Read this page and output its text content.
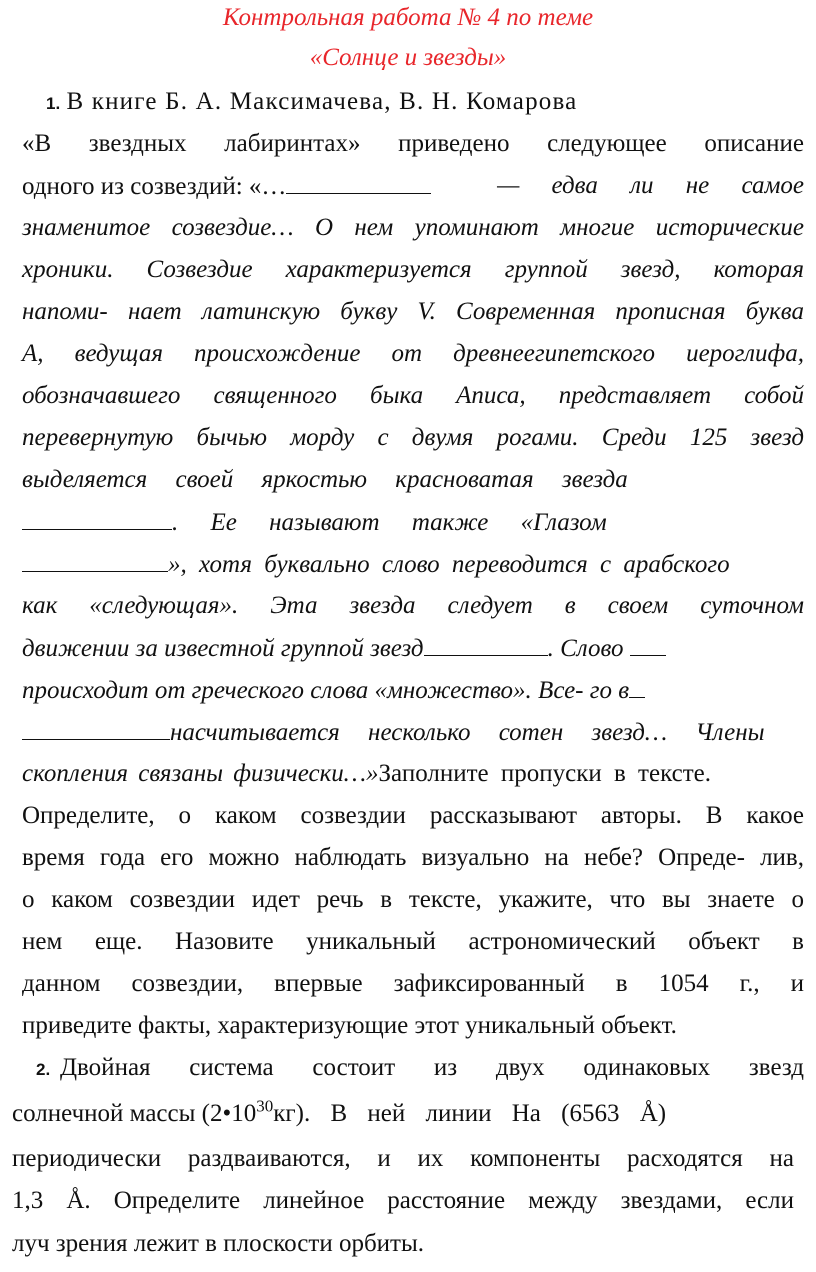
Контрольная работа № 4 по теме
«Солнце и звезды»
1. В книге Б. А. Максимачева, В. Н. Комарова
«В звездных лабиринтах» приведено следующее описание
одного из созвездий: «…	— едва ли не самое
знаменитое созвездие… О нем упоминают многие исторические
хроники. Созвездие характеризуется группой звезд, которая
напоми- нает латинскую букву V. Современная прописная буква
А, ведущая происхождение от древнеегипетского иероглифа,
обозначавшего священного быка Аписа, представляет собой
перевернутую бычью морду с двумя рогами. Среди 125 звезд
выделяется своей яркостью красноватая звезда
. Ее называют также «Глазом
», хотя буквально слово переводится с арабского
как «следующая». Эта звезда следует в своем суточном
движении за известной группой звезд	. Слово
происходит от греческого слова «множество». Все- го в
насчитывается несколько сотен звезд… Члены
скопления связаны физически…»Заполните пропуски в тексте.
Определите, о каком созвездии рассказывают авторы. В какое
время года его можно наблюдать визуально на небе? Опреде- лив,
о каком созвездии идет речь в тексте, укажите, что вы знаете о
нем еще. Назовите уникальный астрономический объект в
данном созвездии, впервые зафиксированный в 1054 г., и
приведите факты, характеризующие этот уникальный объект.
2. Двойная система состоит из двух одинаковых звезд
солнечной массы $(2•10^{30}кг)$. В ней линии На (6563 Å)
периодически раздваиваются, и их компоненты расходятся на
1,3 Å. Определите линейное расстояние между звездами, если
луч зрения лежит в плоскости орбиты.
